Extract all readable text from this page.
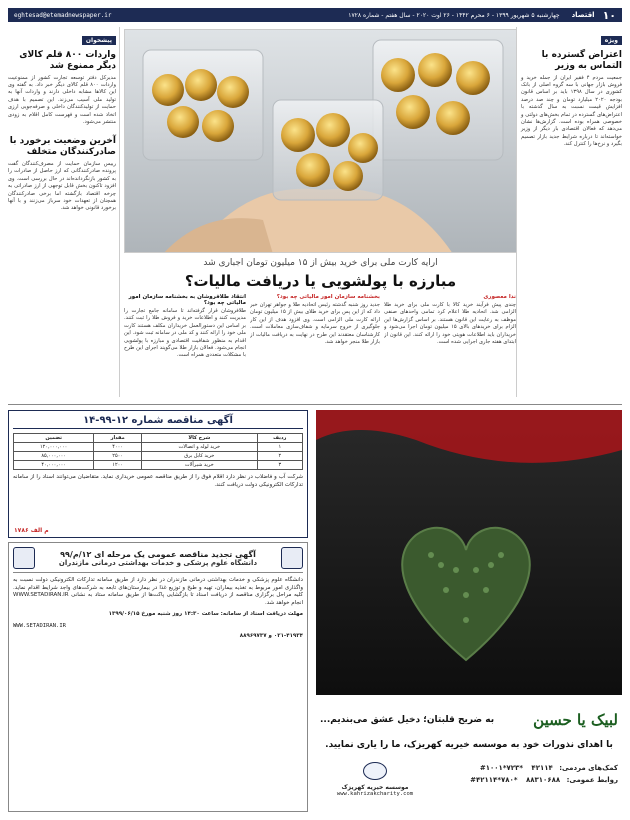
۱۰
اقتصاد
چهارشنبه ۵ شهریور ۱۳۹۹ - ۶ محرم ۱۴۴۲ - ۲۶ اوت ۲۰۲۰ - سال هفتم - شماره ۱۷۲۸
eghtesad@etemadnewspaper.ir
ویژه
اعتراض گسترده با التماس به وزیر

جمعیت مردم ۴ فقیر ایران از جمله خرید و فروش بازار جهانی با سه گروه اصلی از بانک کشوری در سال ۱۳۹۸ باید بر اساس قانون بودجه ۲۰۲۰ میلیارد تومان و چند صد درصد افزایش قیمت نسبت به سال گذشته با اعتراض‌های گسترده در تمام بخش‌های دولتی و خصوصی همراه بوده است. گزارش‌ها نشان می‌دهد که فعالان اقتصادی بار دیگر از وزیر خواسته‌اند تا درباره شرایط جدید بازار تصمیم بگیرد و نرخ‌ها را کنترل کند.

ارایه کارت ملی برای خرید بیش از ۱۵ میلیون تومان اجباری شد
مبارزه با پولشویی یا دریافت مالیات؟
ندا معصوری

چندی پیش فرآیند خرید کالا با کارت ملی برای خرید طلا الزامی شد. اتحادیه طلا اعلام کرد تمامی واحدهای صنفی موظف به رعایت این قانون هستند. بر اساس گزارش‌ها این الزام برای خریدهای بالای ۱۵ میلیون تومان اجرا می‌شود و خریداران باید اطلاعات هویتی خود را ارائه کنند. این قانون از ابتدای هفته جاری اجرایی شده است.

بخشنامه سازمان امور مالیاتی چه بود؟

جدید روز شنبه گذشته رئیس اتحادیه طلا و جواهر تهران خبر داد که از این پس برای خرید طلای بیش از ۱۵ میلیون تومان ارائه کارت ملی الزامی است. وی افزود هدف از این کار جلوگیری از خروج سرمایه و شفاف‌سازی معاملات است. کارشناسان معتقدند این طرح در نهایت به دریافت مالیات از بازار طلا منجر خواهد شد.

انتقاد طلافروشان به بخشنامه سازمان امور مالیاتی چه بود؟

طلافروشان قرار گرفته‌اند تا سامانه جامع تجارت را مدیریت کنند و اطلاعات خرید و فروش طلا را ثبت کنند. بر اساس این دستورالعمل خریداران مکلف هستند کارت ملی خود را ارائه کنند و کد ملی در سامانه ثبت شود. این اقدام به منظور شفافیت اقتصادی و مبارزه با پولشویی انجام می‌شود. فعالان بازار طلا می‌گویند اجرای این طرح با مشکلات متعددی همراه است.

پیشخوان
واردات ۸۰۰ قلم کالای دیگر ممنوع شد

مدیرکل دفتر توسعه تجارت کشور از ممنوعیت واردات ۸۰۰ قلم کالای دیگر خبر داد. به گفته وی این کالاها مشابه داخلی دارند و واردات آنها به تولید ملی آسیب می‌زند. این تصمیم با هدف حمایت از تولیدکنندگان داخلی و صرفه‌جویی ارزی اتخاذ شده است و فهرست کامل اقلام به زودی منتشر می‌شود.

آخرین وضعیت برخورد با صادرکنندگان متخلف

رییس سازمان حمایت از مصرف‌کنندگان گفت پرونده صادرکنندگانی که ارز حاصل از صادرات را به کشور بازنگردانده‌اند در حال بررسی است. وی افزود تاکنون بخش قابل توجهی از ارز صادراتی به چرخه اقتصاد بازگشته اما برخی صادرکنندگان همچنان از تعهدات خود سرباز می‌زنند و با آنها برخورد قانونی خواهد شد.

آگهی مناقصه شماره ۱۲-۹۹-۱۴
ردیف	شرح کالا	مقدار	تضمین
۱	خرید لوله و اتصالات	۴۰۰۰	۱۲۰,۰۰۰,۰۰۰
۲	خرید کابل برق	۲۵۰۰	۸۵,۰۰۰,۰۰۰
۳	خرید شیرآلات	۱۲۰۰	۴۰,۰۰۰,۰۰۰

شرکت آب و فاضلاب در نظر دارد اقلام فوق را از طریق مناقصه عمومی خریداری نماید. متقاضیان می‌توانند اسناد را از سامانه تدارکات الکترونیکی دولت دریافت کنند.

م الف ۱۷۸۶
آگهی تجدید مناقصه عمومی یک مرحله ای ۱۲/م/۹۹
دانشگاه علوم پزشکی و خدمات بهداشتی درمانی مازندران

دانشگاه علوم پزشکی و خدمات بهداشتی درمانی مازندران در نظر دارد از طریق سامانه تدارکات الکترونیکی دولت نسبت به واگذاری امور مربوط به تغذیه بیماران، تهیه و طبخ و توزیع غذا در بیمارستان‌های تابعه به شرکت‌های واجد شرایط اقدام نماید. کلیه مراحل برگزاری مناقصه از دریافت اسناد تا بازگشایی پاکت‌ها از طریق سامانه ستاد به نشانی WWW.SETADIRAN.IR انجام خواهد شد.

مهلت دریافت اسناد از سامانه: ساعت ۱۴:۳۰ روز شنبه مورخ ۱۳۹۹/۰۶/۱۵

WWW.SETADIRAN.IR

۰۲۱-۴۱۹۳۴ و ۸۸۹۶۹۷۳۷

لبیک یا حسین
به ضریح قلبتان؛ دخیل عشق می‌بندیم...
با اهدای نذورات خود به موسسه خیریه کهریزک، ما را یاری نمایید.
کمک‌های مردمی: ۴۲۱۱۴ *۷۲۳*۱۰۰۱#
روابط عمومی: ۸۸۳۱۰۶۸۸ *۷۸۰*۴۲۱۱۴#
موسسه خیریه کهریزک
www.kahrizakcharity.com
